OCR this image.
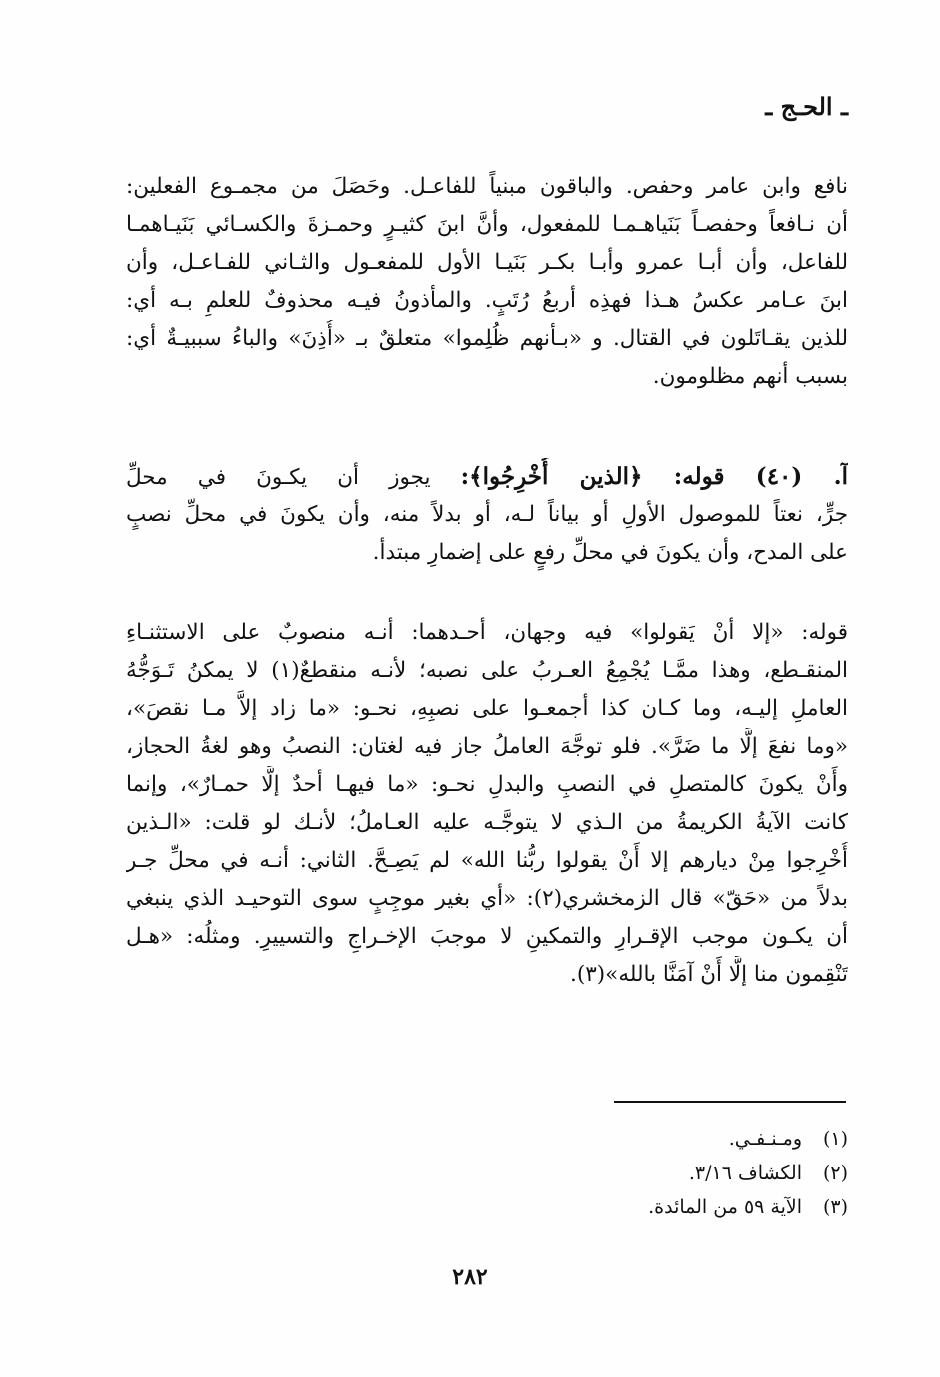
ـ الحـج ـ
نافع وابن عامر وحفص. والباقون مبنياً للفاعـل. وحَصَلَ من مجمـوع الفعلين:
أن نـافعاً وحفصـاً بَنَياهـمـا للمفعول، وأنَّ ابنَ كثيـرٍ وحمـزةَ والكسـائي بَنَيـاهمـا
للفاعل، وأن أبـا عمرو وأبـا بكـر بَنَيـا الأول للمفعـول والثـاني للفـاعـل، وأن
ابنَ عـامر عكسُ هـذا فهذِه أربعُ رُتَبٍ. والمأذونُ فيـه محذوفٌ للعلمِ بـه أي:
للذين يقـاتَلون في القتال. و «بـأنهم ظُلِموا» متعلقٌ بـ «أُذِنَ» والباءُ سببيـةٌ أي:
بسبب أنهم مظلومون.
آ. (٤٠) قوله: ﴿الذين أُخْرِجُوا﴾: يجوز أن يكـونَ في محلِّ
جرٍّ، نعتاً للموصول الأولِ أو بياناً لـه، أو بدلاً منه، وأن يكونَ في محلِّ نصبٍ
على المدح، وأن يكونَ في محلِّ رفعٍ على إضمارِ مبتدأ.
قوله: «إلا أنْ يَقولوا» فيه وجهان، أحـدهما: أنـه منصوبٌ على الاستثنـاءِ
المنقـطع، وهذا ممَّـا يُجْمِعُ العـربُ على نصبه؛ لأنـه منقطعٌ(١) لا يمكنُ تَـوَجُّهُ
العاملِ إليـه، وما كـان كذا أجمعـوا على نصبِهِ، نحـو: «ما زاد إلاَّ مـا نقصَ»،
«وما نفعَ إلَّا ما ضَرَّ». فلو توجَّهَ العاملُ جاز فيه لغتان: النصبُ وهو لغةُ الحجاز،
وأَنْ يكونَ كالمتصلِ في النصبِ والبدلِ نحـو: «ما فيهـا أحدٌ إلَّا حمـارٌ»، وإنما
كانت الآيةُ الكريمةُ من الـذي لا يتوجَّـه عليه العـاملُ؛ لأنـك لو قلت: «الـذين
أُخْرِجوا مِنْ ديارهم إلا أَنْ يقولوا ربُّنا الله» لم يَصِـحَّ. الثاني: أنـه في محلِّ جـر
بدلاً من «حَقّ» قال الزمخشري(٢): «أي بغير موجِبٍ سوى التوحيـد الذي ينبغي
أن يكـون موجب الإقـرارِ والتمكينِ لا موجبَ الإخـراجِ والتسييرِ. ومثلُه: «هـل
تَنْقِمون منا إلَّا أَنْ آمَنَّا بالله»(٣).
(١)ومـنـفـي.
(٢)الكشاف ٣/١٦.
(٣)الآية ٥٩ من المائدة.
٢٨٢
